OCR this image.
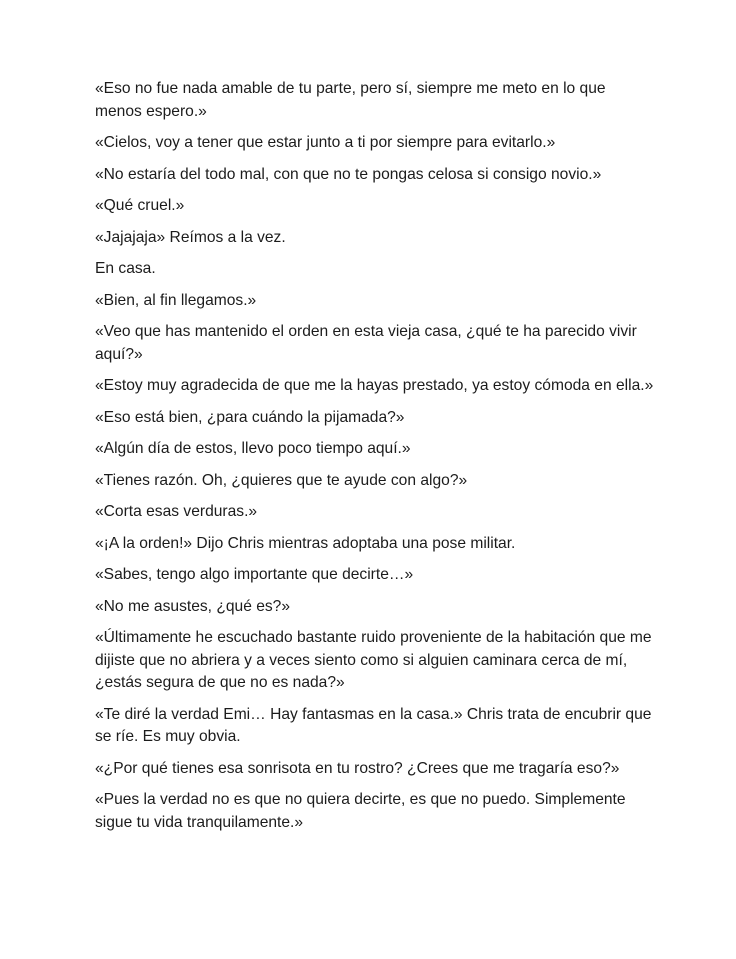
«Eso no fue nada amable de tu parte, pero sí, siempre me meto en lo que menos espero.»

«Cielos, voy a tener que estar junto a ti por siempre para evitarlo.»

«No estaría del todo mal, con que no te pongas celosa si consigo novio.»

«Qué cruel.»

«Jajajaja» Reímos a la vez.

En casa.

«Bien, al fin llegamos.»

«Veo que has mantenido el orden en esta vieja casa, ¿qué te ha parecido vivir aquí?»

«Estoy muy agradecida de que me la hayas prestado, ya estoy cómoda en ella.»

«Eso está bien, ¿para cuándo la pijamada?»

«Algún día de estos, llevo poco tiempo aquí.»

«Tienes razón. Oh, ¿quieres que te ayude con algo?»

«Corta esas verduras.»

«¡A la orden!» Dijo Chris mientras adoptaba una pose militar.

«Sabes, tengo algo importante que decirte…»

«No me asustes, ¿qué es?»

«Últimamente he escuchado bastante ruido proveniente de la habitación que me dijiste que no abriera y a veces siento como si alguien caminara cerca de mí, ¿estás segura de que no es nada?»

«Te diré la verdad Emi… Hay fantasmas en la casa.» Chris trata de encubrir que se ríe. Es muy obvia.

«¿Por qué tienes esa sonrisota en tu rostro? ¿Crees que me tragaría eso?»

«Pues la verdad no es que no quiera decirte, es que no puedo. Simplemente sigue tu vida tranquilamente.»
